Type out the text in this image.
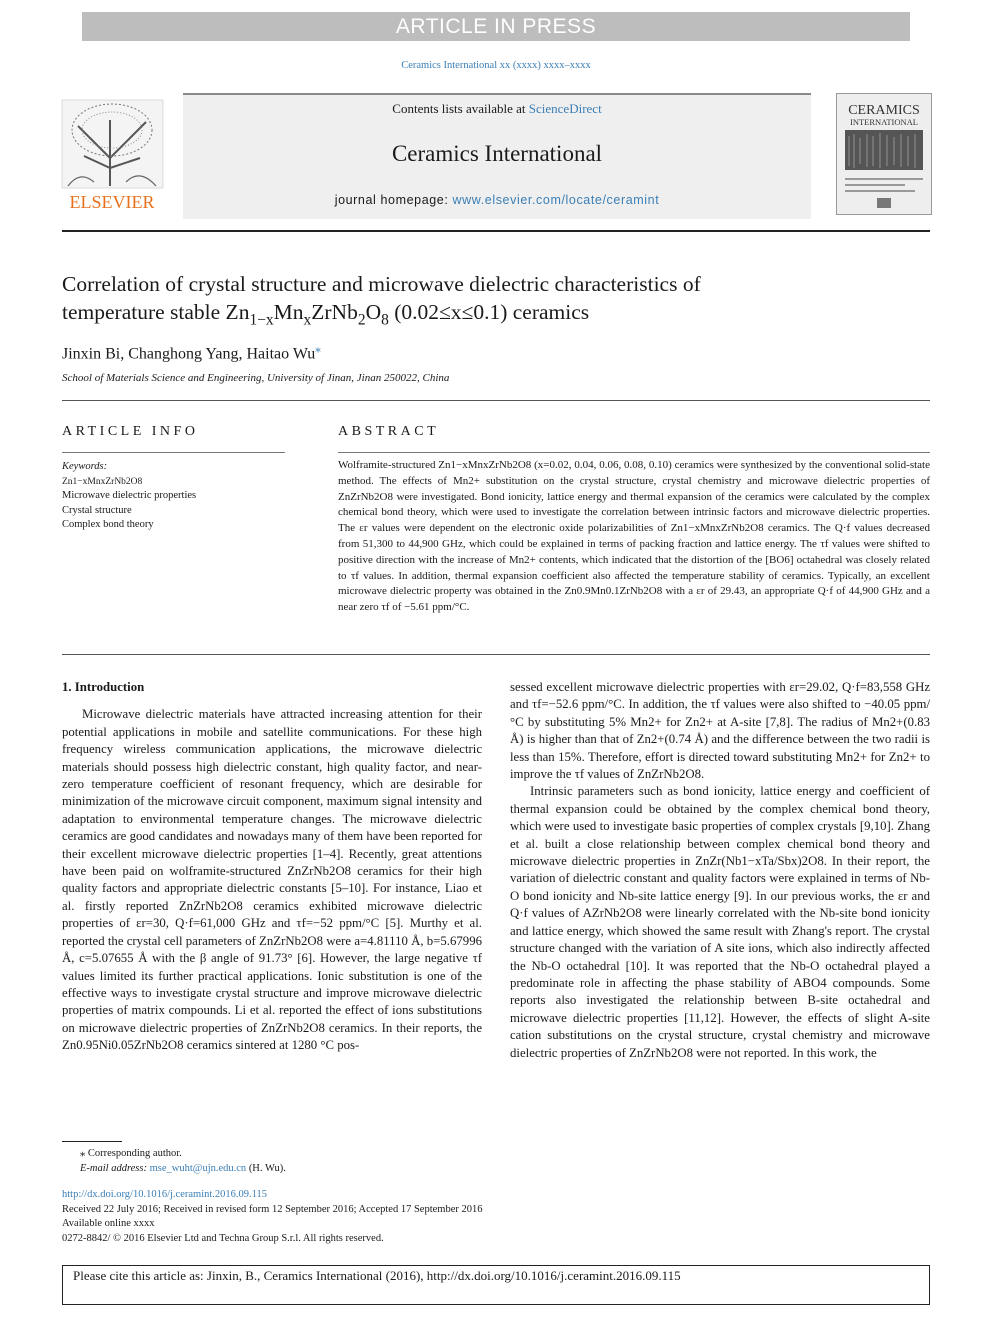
ARTICLE IN PRESS
Ceramics International xx (xxxx) xxxx–xxxx
Contents lists available at ScienceDirect
Ceramics International
journal homepage: www.elsevier.com/locate/ceramint
ELSEVIER
CERAMICS
INTERNATIONAL
Correlation of crystal structure and microwave dielectric characteristics of
temperature stable $Zn_{1-x}Mn_xZrNb_2O_8$ (0.02≤x≤0.1) ceramics
Jinxin Bi, Changhong Yang, Haitao Wu⁎
School of Materials Science and Engineering, University of Jinan, Jinan 250022, China
ARTICLE INFO	ABSTRACT
Keywords:
Zn1−xMnxZrNb2O8
Microwave dielectric properties
Crystal structure
Complex bond theory
Wolframite-structured Zn1−xMnxZrNb2O8 (x=0.02, 0.04, 0.06, 0.08, 0.10) ceramics were synthesized by the conventional solid-state method. The effects of Mn2+ substitution on the crystal structure, crystal chemistry and microwave dielectric properties of ZnZrNb2O8 were investigated. Bond ionicity, lattice energy and thermal expansion of the ceramics were calculated by the complex chemical bond theory, which were used to investigate the correlation between intrinsic factors and microwave dielectric properties. The εr values were dependent on the electronic oxide polarizabilities of Zn1−xMnxZrNb2O8 ceramics. The Q·f values decreased from 51,300 to 44,900 GHz, which could be explained in terms of packing fraction and lattice energy. The τf values were shifted to positive direction with the increase of Mn2+ contents, which indicated that the distortion of the [BO6] octahedral was closely related to τf values. In addition, thermal expansion coefficient also affected the temperature stability of ceramics. Typically, an excellent microwave dielectric property was obtained in the Zn0.9Mn0.1ZrNb2O8 with a εr of 29.43, an appropriate Q·f of 44,900 GHz and a near zero τf of −5.61 ppm/°C.

1. Introduction

Microwave dielectric materials have attracted increasing attention for their potential applications in mobile and satellite communications. For these high frequency wireless communication applications, the microwave dielectric materials should possess high dielectric constant, high quality factor, and near-zero temperature coefficient of resonant frequency, which are desirable for minimization of the microwave circuit component, maximum signal intensity and adaptation to environmental temperature changes. The microwave dielectric ceramics are good candidates and nowadays many of them have been reported for their excellent microwave dielectric properties [1–4]. Recently, great attentions have been paid on wolframite-structured ZnZrNb2O8 ceramics for their high quality factors and appropriate dielectric constants [5–10]. For instance, Liao et al. firstly reported ZnZrNb2O8 ceramics exhibited microwave dielectric properties of εr=30, Q·f=61,000 GHz and τf=−52 ppm/°C [5]. Murthy et al. reported the crystal cell parameters of ZnZrNb2O8 were a=4.81110 Å, b=5.67996 Å, c=5.07655 Å with the β angle of 91.73° [6]. However, the large negative τf values limited its further practical applications. Ionic substitution is one of the effective ways to investigate crystal structure and improve microwave dielectric properties of matrix compounds. Li et al. reported the effect of ions substitutions on microwave dielectric properties of ZnZrNb2O8 ceramics. In their reports, the Zn0.95Ni0.05ZrNb2O8 ceramics sintered at 1280 °C pos-

sessed excellent microwave dielectric properties with εr=29.02, Q·f=83,558 GHz and τf=−52.6 ppm/°C. In addition, the τf values were also shifted to −40.05 ppm/°C by substituting 5% Mn2+ for Zn2+ at A-site [7,8]. The radius of Mn2+(0.83 Å) is higher than that of Zn2+(0.74 Å) and the difference between the two radii is less than 15%. Therefore, effort is directed toward substituting Mn2+ for Zn2+ to improve the τf values of ZnZrNb2O8.

Intrinsic parameters such as bond ionicity, lattice energy and coefficient of thermal expansion could be obtained by the complex chemical bond theory, which were used to investigate basic properties of complex crystals [9,10]. Zhang et al. built a close relationship between complex chemical bond theory and microwave dielectric properties in ZnZr(Nb1−xTa/Sbx)2O8. In their report, the variation of dielectric constant and quality factors were explained in terms of Nb-O bond ionicity and Nb-site lattice energy [9]. In our previous works, the εr and Q·f values of AZrNb2O8 were linearly correlated with the Nb-site bond ionicity and lattice energy, which showed the same result with Zhang's report. The crystal structure changed with the variation of A site ions, which also indirectly affected the Nb-O octahedral [10]. It was reported that the Nb-O octahedral played a predominate role in affecting the phase stability of ABO4 compounds. Some reports also investigated the relationship between B-site octahedral and microwave dielectric properties [11,12]. However, the effects of slight A-site cation substitutions on the crystal structure, crystal chemistry and microwave dielectric properties of ZnZrNb2O8 were not reported. In this work, the

⁎ Corresponding author.
E-mail address: mse_wuht@ujn.edu.cn (H. Wu).
http://dx.doi.org/10.1016/j.ceramint.2016.09.115
Received 22 July 2016; Received in revised form 12 September 2016; Accepted 17 September 2016
Available online xxxx
0272-8842/ © 2016 Elsevier Ltd and Techna Group S.r.l. All rights reserved.
Please cite this article as: Jinxin, B., Ceramics International (2016), http://dx.doi.org/10.1016/j.ceramint.2016.09.115
